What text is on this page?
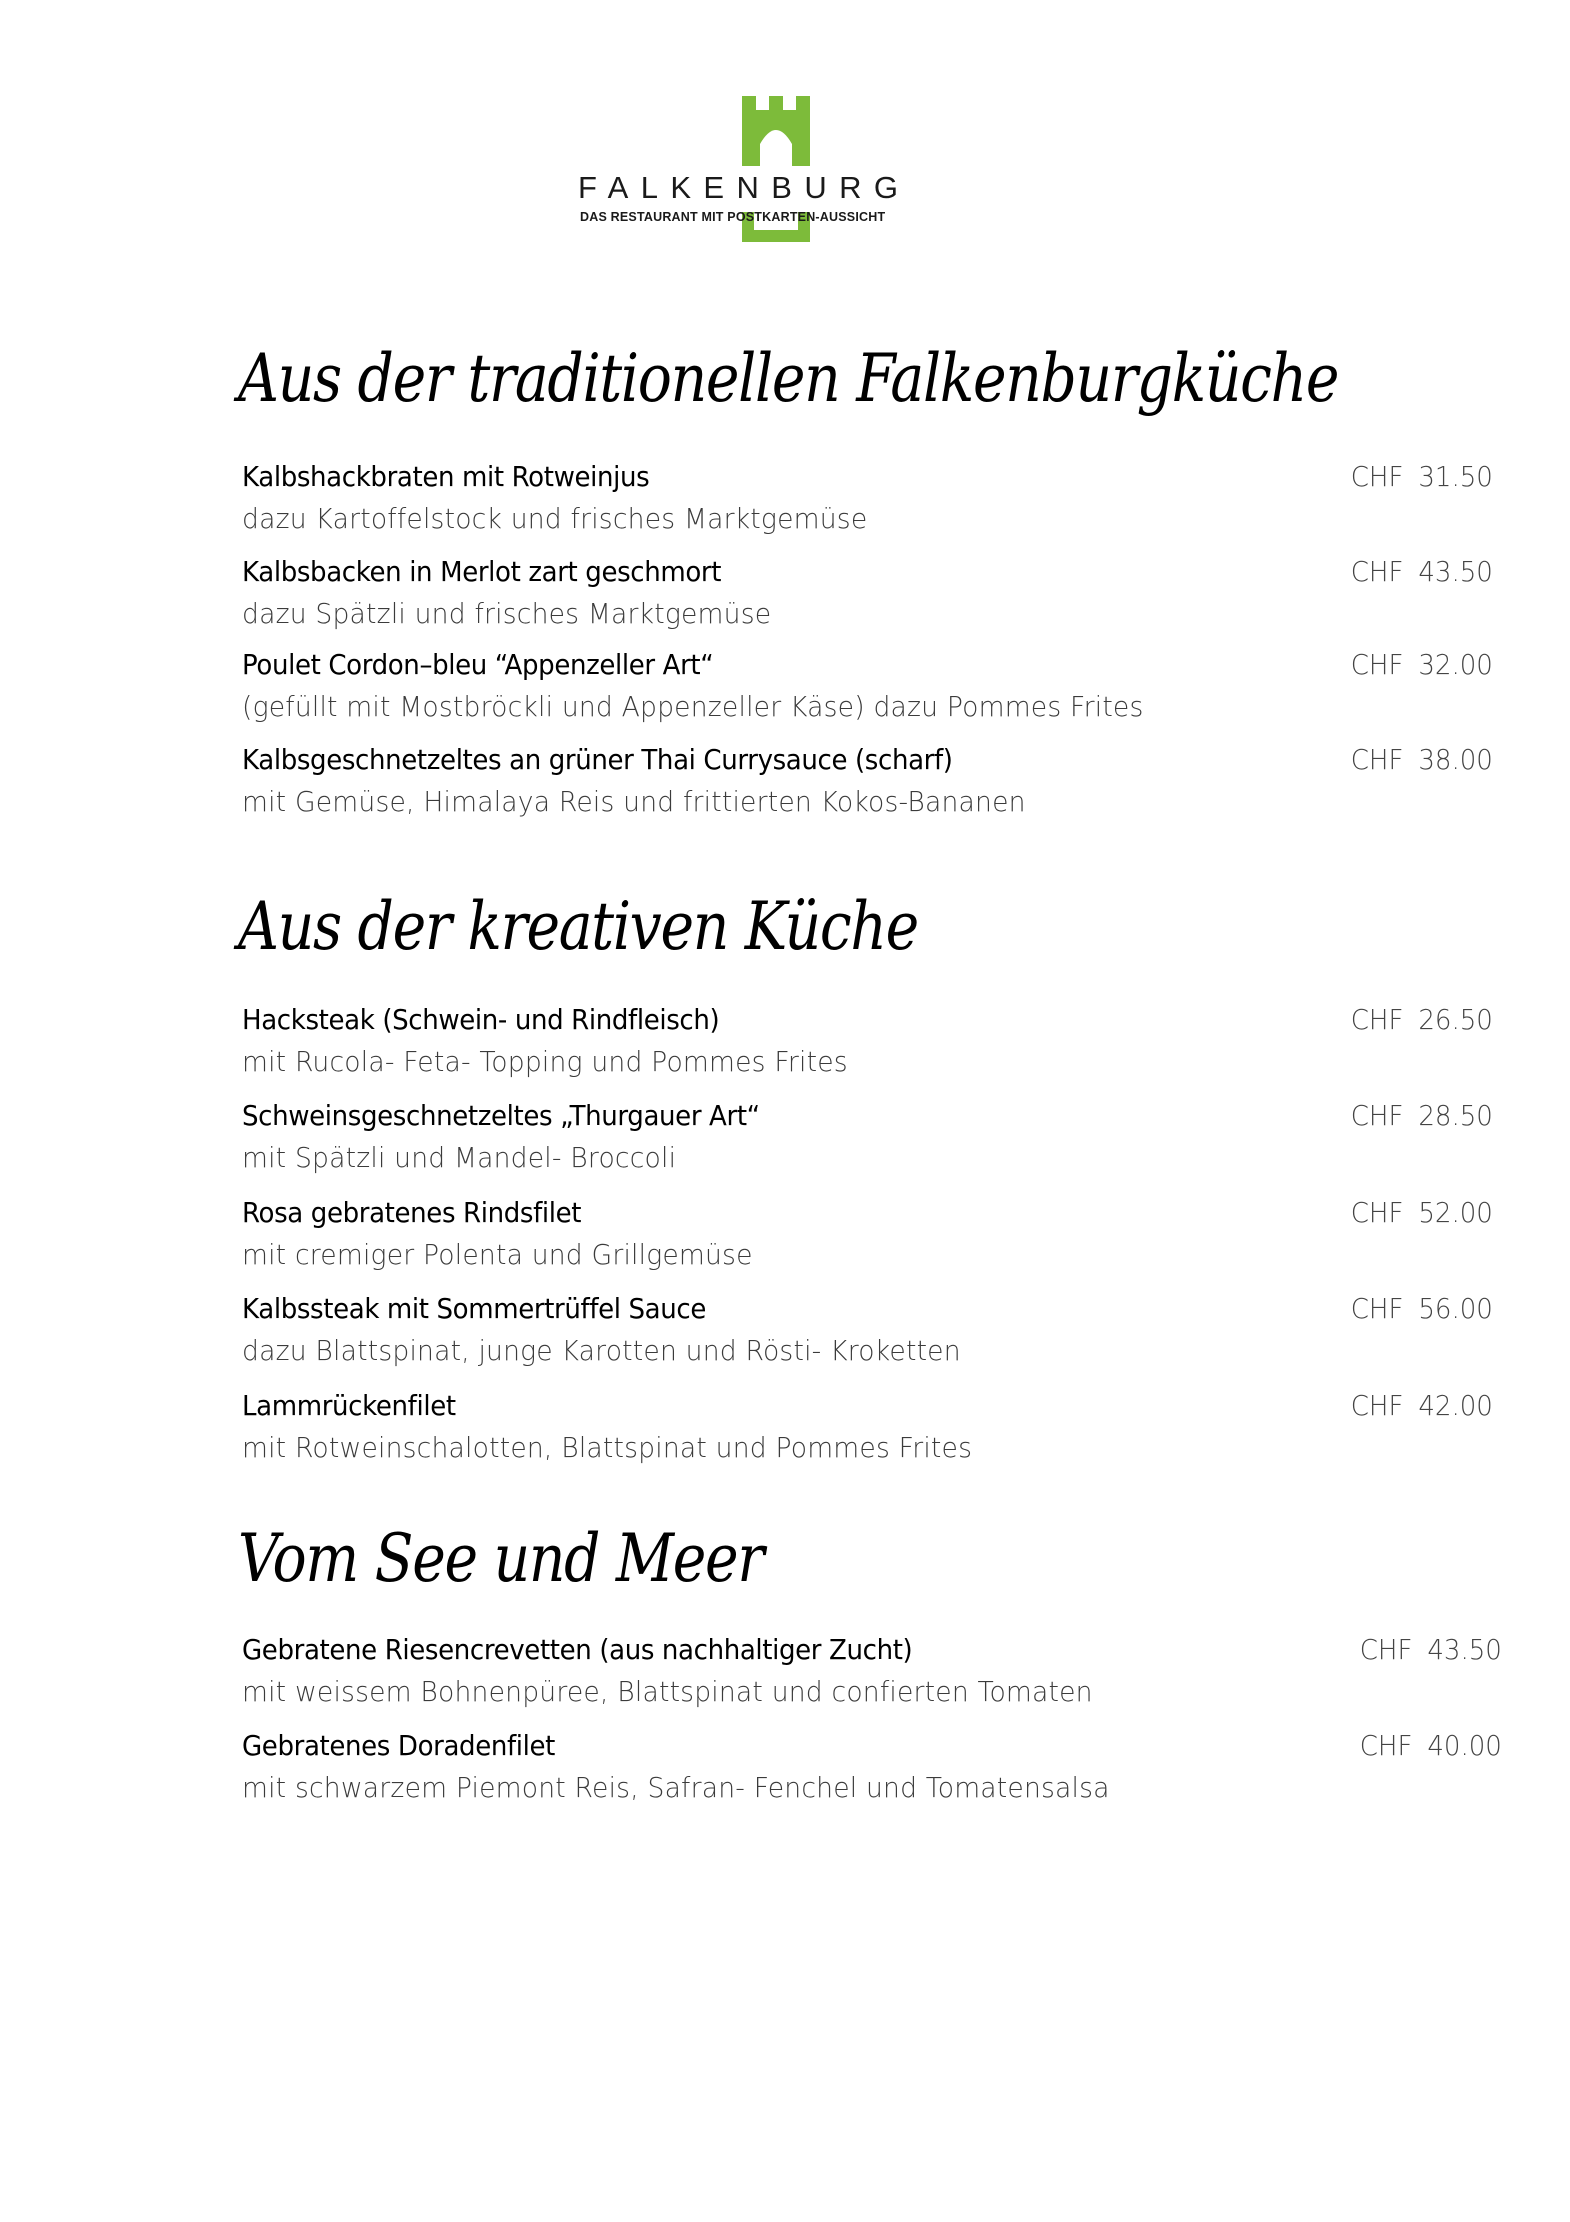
FALKENBURG
DAS RESTAURANT MIT POSTKARTEN-AUSSICHT
Aus der traditionellen Falkenburgküche
Kalbshackbraten mit Rotweinjus
dazu Kartoffelstock und frisches Marktgemüse
CHF 31.50
Kalbsbacken in Merlot zart geschmort
dazu Spätzli und frisches Marktgemüse
CHF 43.50
Poulet Cordon–bleu “Appenzeller Art“
(gefüllt mit Mostbröckli und Appenzeller Käse) dazu Pommes Frites
CHF 32.00
Kalbsgeschnetzeltes an grüner Thai Currysauce (scharf)
mit Gemüse, Himalaya Reis und frittierten Kokos-Bananen
CHF 38.00
Aus der kreativen Küche
Hacksteak (Schwein- und Rindfleisch)
mit Rucola- Feta- Topping und Pommes Frites
CHF 26.50
Schweinsgeschnetzeltes „Thurgauer Art“
mit Spätzli und Mandel- Broccoli
CHF 28.50
Rosa gebratenes Rindsfilet
mit cremiger Polenta und Grillgemüse
CHF 52.00
Kalbssteak mit Sommertrüffel Sauce
dazu Blattspinat, junge Karotten und Rösti- Kroketten
CHF 56.00
Lammrückenfilet
mit Rotweinschalotten, Blattspinat und Pommes Frites
CHF 42.00
Vom See und Meer
Gebratene Riesencrevetten (aus nachhaltiger Zucht)
mit weissem Bohnenpüree, Blattspinat und confierten Tomaten
CHF 43.50
Gebratenes Doradenfilet
mit schwarzem Piemont Reis, Safran- Fenchel und Tomatensalsa
CHF 40.00
